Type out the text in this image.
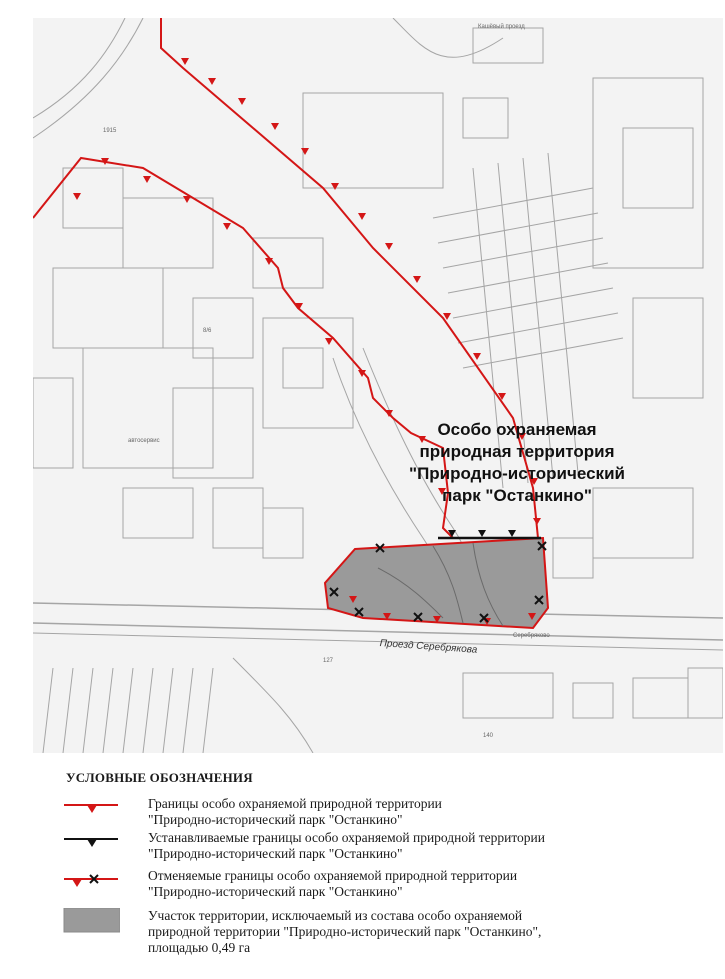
Кашёвый проезд
1915
8/6
автосервис
Серебряково
127
140
Особо охраняемая
природная территория
"Природно-исторический
парк "Останкино"
Проезд Серебрякова
УСЛОВНЫЕ ОБОЗНАЧЕНИЯ
Границы особо охраняемой природной территории
"Природно-исторический парк "Останкино"
Устанавливаемые границы особо охраняемой природной территории
"Природно-исторический парк "Останкино"
Отменяемые границы особо охраняемой природной территории
"Природно-исторический парк "Останкино"
Участок территории, исключаемый из состава особо охраняемой
природной территории "Природно-исторический парк "Останкино",
площадью 0,49 га
